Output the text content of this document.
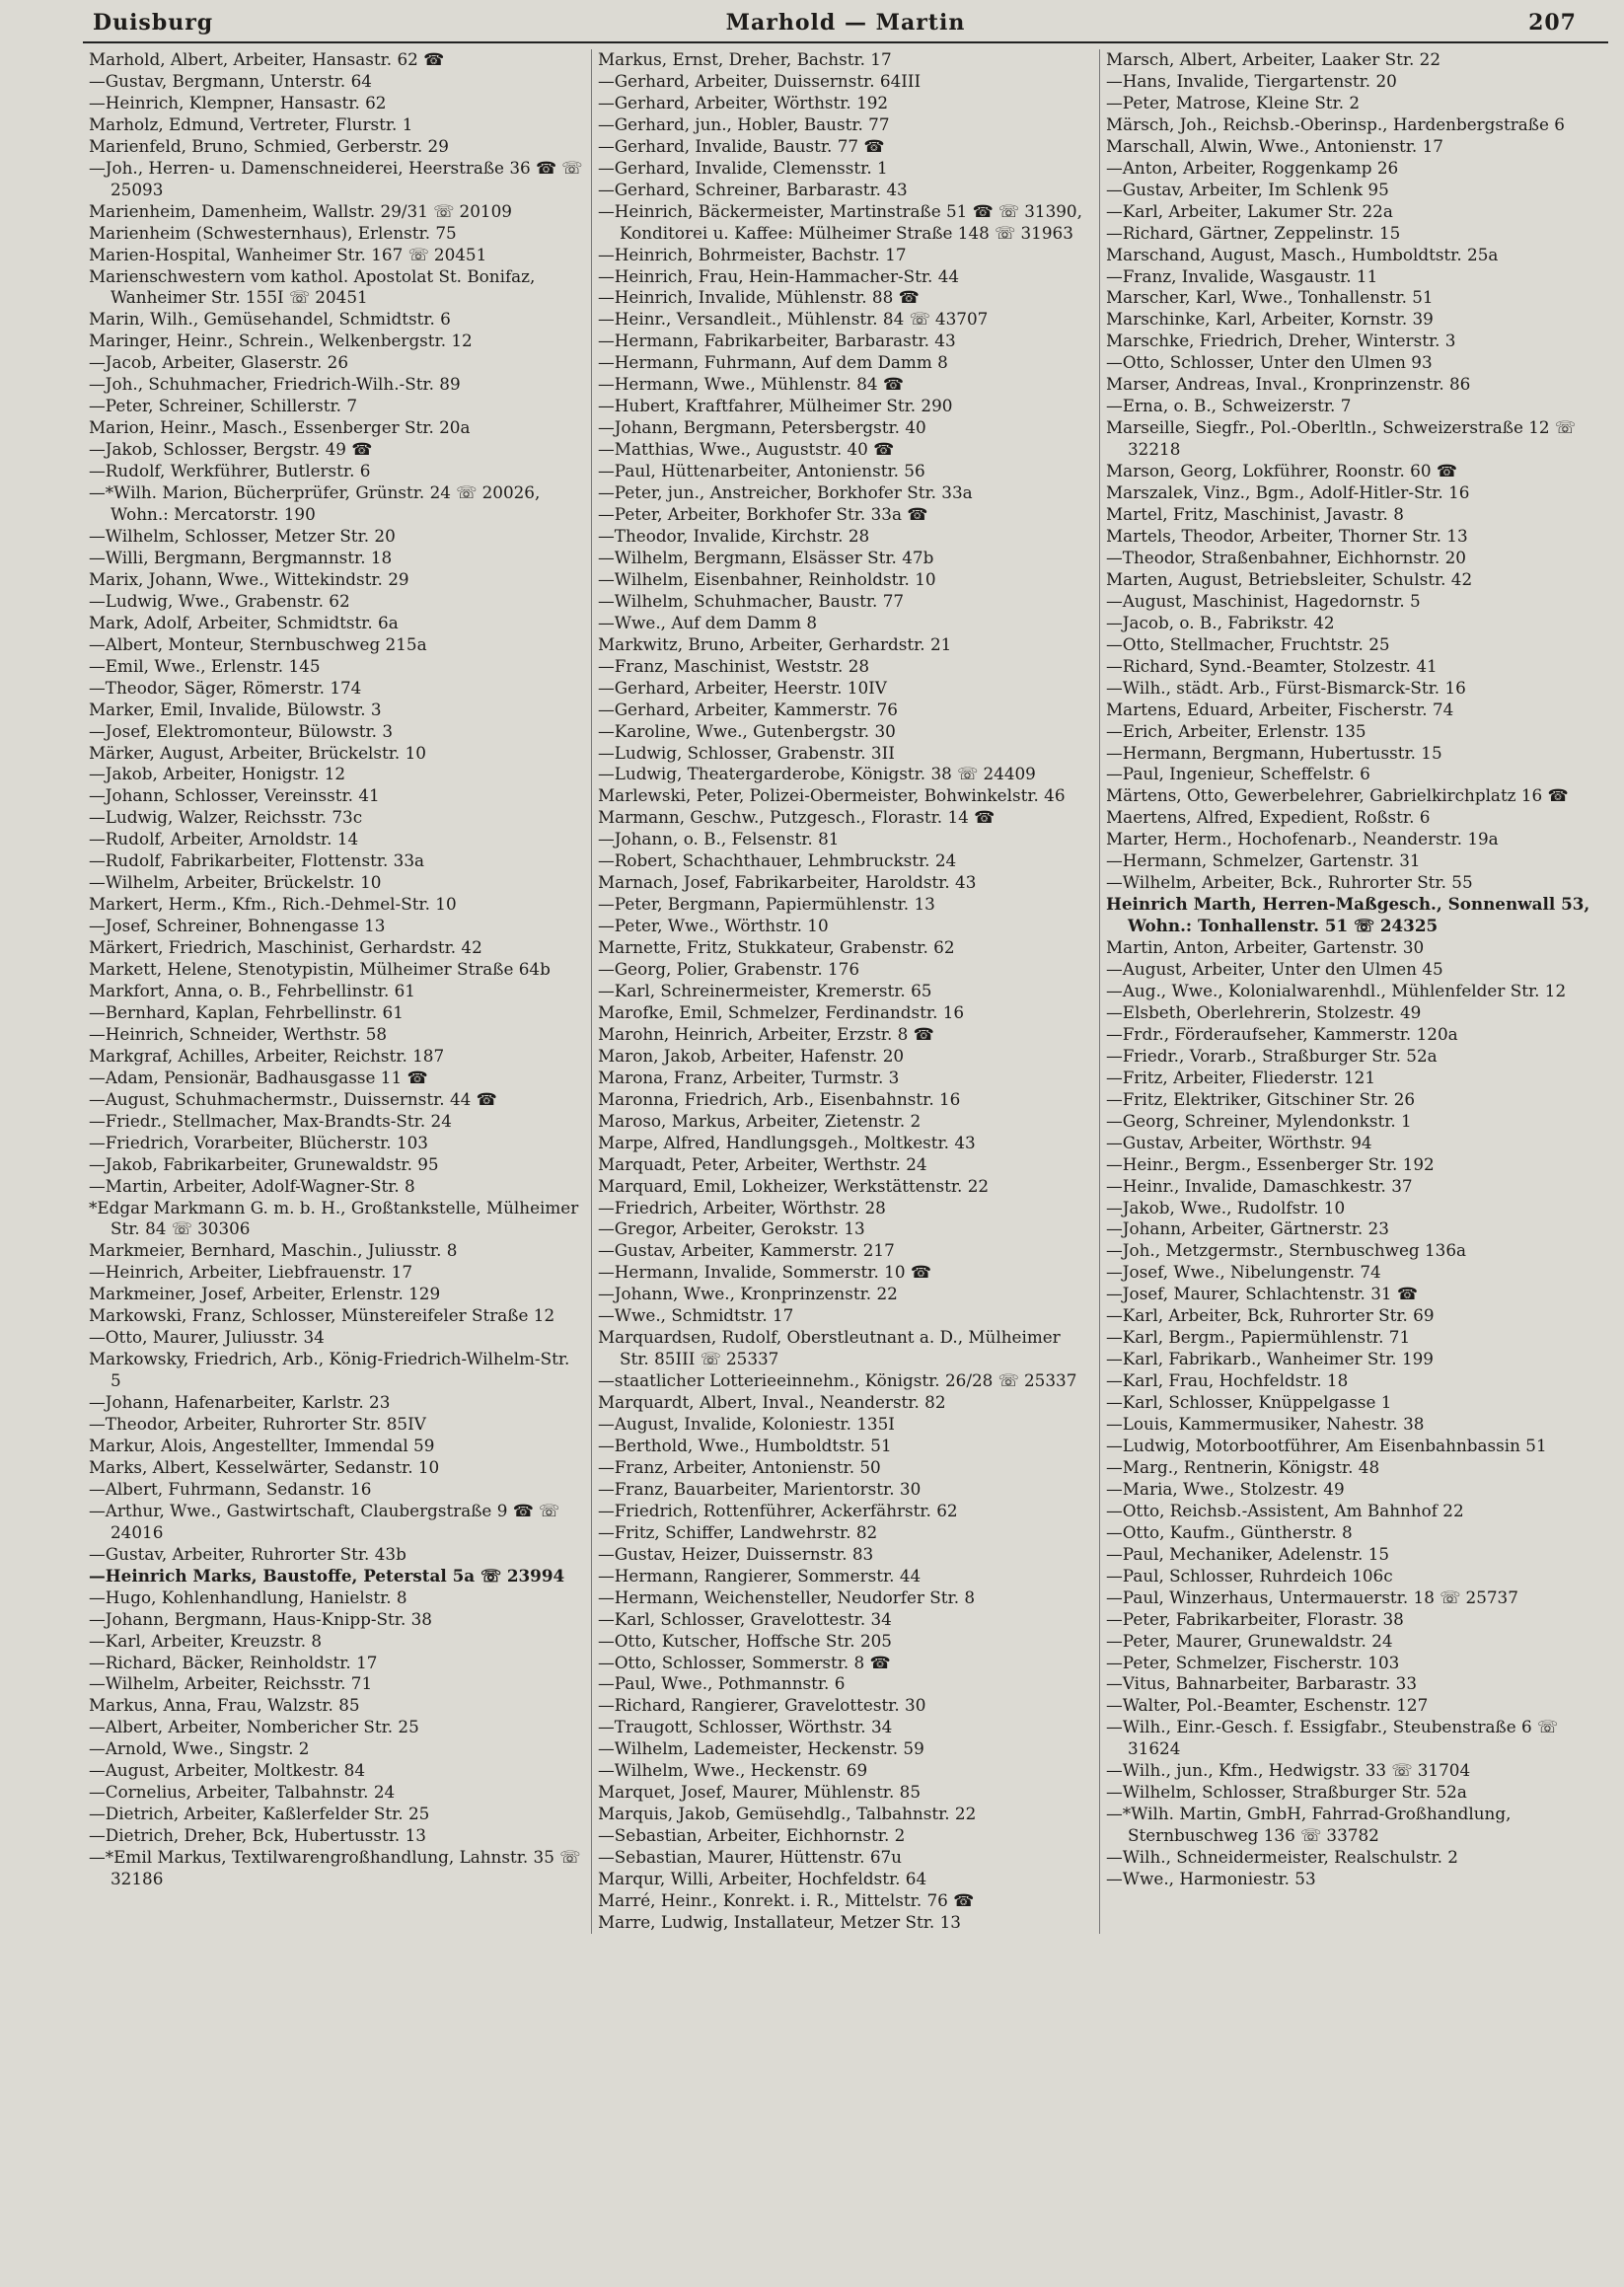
Duisburg	Marhold — Martin	207

Marhold, Albert, Arbeiter, Hansastr. 62 ☎

—Gustav, Bergmann, Unterstr. 64

—Heinrich, Klempner, Hansastr. 62

Marholz, Edmund, Vertreter, Flurstr. 1

Marienfeld, Bruno, Schmied, Gerberstr. 29

—Joh., Herren- u. Damenschneiderei, Heerstraße 36 ☎ ☏ 25093

Marienheim, Damenheim, Wallstr. 29/31 ☏ 20109

Marienheim (Schwesternhaus), Erlenstr. 75

Marien-Hospital, Wanheimer Str. 167 ☏ 20451

Marienschwestern vom kathol. Apostolat St. Bonifaz, Wanheimer Str. 155I ☏ 20451

Marin, Wilh., Gemüsehandel, Schmidtstr. 6

Maringer, Heinr., Schrein., Welkenbergstr. 12

—Jacob, Arbeiter, Glaserstr. 26

—Joh., Schuhmacher, Friedrich-Wilh.-Str. 89

—Peter, Schreiner, Schillerstr. 7

Marion, Heinr., Masch., Essenberger Str. 20a

—Jakob, Schlosser, Bergstr. 49 ☎

—Rudolf, Werkführer, Butlerstr. 6

—*Wilh. Marion, Bücherprüfer, Grünstr. 24 ☏ 20026, Wohn.: Mercatorstr. 190

—Wilhelm, Schlosser, Metzer Str. 20

—Willi, Bergmann, Bergmannstr. 18

Marix, Johann, Wwe., Wittekindstr. 29

—Ludwig, Wwe., Grabenstr. 62

Mark, Adolf, Arbeiter, Schmidtstr. 6a

—Albert, Monteur, Sternbuschweg 215a

—Emil, Wwe., Erlenstr. 145

—Theodor, Säger, Römerstr. 174

Marker, Emil, Invalide, Bülowstr. 3

—Josef, Elektromonteur, Bülowstr. 3

Märker, August, Arbeiter, Brückelstr. 10

—Jakob, Arbeiter, Honigstr. 12

—Johann, Schlosser, Vereinsstr. 41

—Ludwig, Walzer, Reichsstr. 73c

—Rudolf, Arbeiter, Arnoldstr. 14

—Rudolf, Fabrikarbeiter, Flottenstr. 33a

—Wilhelm, Arbeiter, Brückelstr. 10

Markert, Herm., Kfm., Rich.-Dehmel-Str. 10

—Josef, Schreiner, Bohnengasse 13

Märkert, Friedrich, Maschinist, Gerhardstr. 42

Markett, Helene, Stenotypistin, Mülheimer Straße 64b

Markfort, Anna, o. B., Fehrbellinstr. 61

—Bernhard, Kaplan, Fehrbellinstr. 61

—Heinrich, Schneider, Werthstr. 58

Markgraf, Achilles, Arbeiter, Reichstr. 187

—Adam, Pensionär, Badhausgasse 11 ☎

—August, Schuhmachermstr., Duissernstr. 44 ☎

—Friedr., Stellmacher, Max-Brandts-Str. 24

—Friedrich, Vorarbeiter, Blücherstr. 103

—Jakob, Fabrikarbeiter, Grunewaldstr. 95

—Martin, Arbeiter, Adolf-Wagner-Str. 8

*Edgar Markmann G. m. b. H., Großtankstelle, Mülheimer Str. 84 ☏ 30306

Markmeier, Bernhard, Maschin., Juliusstr. 8

—Heinrich, Arbeiter, Liebfrauenstr. 17

Markmeiner, Josef, Arbeiter, Erlenstr. 129

Markowski, Franz, Schlosser, Münstereifeler Straße 12

—Otto, Maurer, Juliusstr. 34

Markowsky, Friedrich, Arb., König-Friedrich-Wilhelm-Str. 5

—Johann, Hafenarbeiter, Karlstr. 23

—Theodor, Arbeiter, Ruhrorter Str. 85IV

Markur, Alois, Angestellter, Immendal 59

Marks, Albert, Kesselwärter, Sedanstr. 10

—Albert, Fuhrmann, Sedanstr. 16

—Arthur, Wwe., Gastwirtschaft, Claubergstraße 9 ☎ ☏ 24016

—Gustav, Arbeiter, Ruhrorter Str. 43b

—Heinrich Marks, Baustoffe, Peterstal 5a ☏ 23994

—Hugo, Kohlenhandlung, Hanielstr. 8

—Johann, Bergmann, Haus-Knipp-Str. 38

—Karl, Arbeiter, Kreuzstr. 8

—Richard, Bäcker, Reinholdstr. 17

—Wilhelm, Arbeiter, Reichsstr. 71

Markus, Anna, Frau, Walzstr. 85

—Albert, Arbeiter, Nombericher Str. 25

—Arnold, Wwe., Singstr. 2

—August, Arbeiter, Moltkestr. 84

—Cornelius, Arbeiter, Talbahnstr. 24

—Dietrich, Arbeiter, Kaßlerfelder Str. 25

—Dietrich, Dreher, Bck, Hubertusstr. 13

—*Emil Markus, Textilwarengroßhandlung, Lahnstr. 35 ☏ 32186

Markus, Ernst, Dreher, Bachstr. 17

—Gerhard, Arbeiter, Duissernstr. 64III

—Gerhard, Arbeiter, Wörthstr. 192

—Gerhard, jun., Hobler, Baustr. 77

—Gerhard, Invalide, Baustr. 77 ☎

—Gerhard, Invalide, Clemensstr. 1

—Gerhard, Schreiner, Barbarastr. 43

—Heinrich, Bäckermeister, Martinstraße 51 ☎ ☏ 31390, Konditorei u. Kaffee: Mülheimer Straße 148 ☏ 31963

—Heinrich, Bohrmeister, Bachstr. 17

—Heinrich, Frau, Hein-Hammacher-Str. 44

—Heinrich, Invalide, Mühlenstr. 88 ☎

—Heinr., Versandleit., Mühlenstr. 84 ☏ 43707

—Hermann, Fabrikarbeiter, Barbarastr. 43

—Hermann, Fuhrmann, Auf dem Damm 8

—Hermann, Wwe., Mühlenstr. 84 ☎

—Hubert, Kraftfahrer, Mülheimer Str. 290

—Johann, Bergmann, Petersbergstr. 40

—Matthias, Wwe., Auguststr. 40 ☎

—Paul, Hüttenarbeiter, Antonienstr. 56

—Peter, jun., Anstreicher, Borkhofer Str. 33a

—Peter, Arbeiter, Borkhofer Str. 33a ☎

—Theodor, Invalide, Kirchstr. 28

—Wilhelm, Bergmann, Elsässer Str. 47b

—Wilhelm, Eisenbahner, Reinholdstr. 10

—Wilhelm, Schuhmacher, Baustr. 77

—Wwe., Auf dem Damm 8

Markwitz, Bruno, Arbeiter, Gerhardstr. 21

—Franz, Maschinist, Weststr. 28

—Gerhard, Arbeiter, Heerstr. 10IV

—Gerhard, Arbeiter, Kammerstr. 76

—Karoline, Wwe., Gutenbergstr. 30

—Ludwig, Schlosser, Grabenstr. 3II

—Ludwig, Theatergarderobe, Königstr. 38 ☏ 24409

Marlewski, Peter, Polizei-Obermeister, Bohwinkelstr. 46

Marmann, Geschw., Putzgesch., Florastr. 14 ☎

—Johann, o. B., Felsenstr. 81

—Robert, Schachthauer, Lehmbruckstr. 24

Marnach, Josef, Fabrikarbeiter, Haroldstr. 43

—Peter, Bergmann, Papiermühlenstr. 13

—Peter, Wwe., Wörthstr. 10

Marnette, Fritz, Stukkateur, Grabenstr. 62

—Georg, Polier, Grabenstr. 176

—Karl, Schreinermeister, Kremerstr. 65

Marofke, Emil, Schmelzer, Ferdinandstr. 16

Marohn, Heinrich, Arbeiter, Erzstr. 8 ☎

Maron, Jakob, Arbeiter, Hafenstr. 20

Marona, Franz, Arbeiter, Turmstr. 3

Maronna, Friedrich, Arb., Eisenbahnstr. 16

Maroso, Markus, Arbeiter, Zietenstr. 2

Marpe, Alfred, Handlungsgeh., Moltkestr. 43

Marquadt, Peter, Arbeiter, Werthstr. 24

Marquard, Emil, Lokheizer, Werkstättenstr. 22

—Friedrich, Arbeiter, Wörthstr. 28

—Gregor, Arbeiter, Gerokstr. 13

—Gustav, Arbeiter, Kammerstr. 217

—Hermann, Invalide, Sommerstr. 10 ☎

—Johann, Wwe., Kronprinzenstr. 22

—Wwe., Schmidtstr. 17

Marquardsen, Rudolf, Oberstleutnant a. D., Mülheimer Str. 85III ☏ 25337

—staatlicher Lotterieeinnehm., Königstr. 26/28 ☏ 25337

Marquardt, Albert, Inval., Neanderstr. 82

—August, Invalide, Koloniestr. 135I

—Berthold, Wwe., Humboldtstr. 51

—Franz, Arbeiter, Antonienstr. 50

—Franz, Bauarbeiter, Marientorstr. 30

—Friedrich, Rottenführer, Ackerfährstr. 62

—Fritz, Schiffer, Landwehrstr. 82

—Gustav, Heizer, Duissernstr. 83

—Hermann, Rangierer, Sommerstr. 44

—Hermann, Weichensteller, Neudorfer Str. 8

—Karl, Schlosser, Gravelottestr. 34

—Otto, Kutscher, Hoffsche Str. 205

—Otto, Schlosser, Sommerstr. 8 ☎

—Paul, Wwe., Pothmannstr. 6

—Richard, Rangierer, Gravelottestr. 30

—Traugott, Schlosser, Wörthstr. 34

—Wilhelm, Lademeister, Heckenstr. 59

—Wilhelm, Wwe., Heckenstr. 69

Marquet, Josef, Maurer, Mühlenstr. 85

Marquis, Jakob, Gemüsehdlg., Talbahnstr. 22

—Sebastian, Arbeiter, Eichhornstr. 2

—Sebastian, Maurer, Hüttenstr. 67u

Marqur, Willi, Arbeiter, Hochfeldstr. 64

Marré, Heinr., Konrekt. i. R., Mittelstr. 76 ☎

Marre, Ludwig, Installateur, Metzer Str. 13

Marsch, Albert, Arbeiter, Laaker Str. 22

—Hans, Invalide, Tiergartenstr. 20

—Peter, Matrose, Kleine Str. 2

Märsch, Joh., Reichsb.-Oberinsp., Hardenbergstraße 6

Marschall, Alwin, Wwe., Antonienstr. 17

—Anton, Arbeiter, Roggenkamp 26

—Gustav, Arbeiter, Im Schlenk 95

—Karl, Arbeiter, Lakumer Str. 22a

—Richard, Gärtner, Zeppelinstr. 15

Marschand, August, Masch., Humboldtstr. 25a

—Franz, Invalide, Wasgaustr. 11

Marscher, Karl, Wwe., Tonhallenstr. 51

Marschinke, Karl, Arbeiter, Kornstr. 39

Marschke, Friedrich, Dreher, Winterstr. 3

—Otto, Schlosser, Unter den Ulmen 93

Marser, Andreas, Inval., Kronprinzenstr. 86

—Erna, o. B., Schweizerstr. 7

Marseille, Siegfr., Pol.-Oberltln., Schweizerstraße 12 ☏ 32218

Marson, Georg, Lokführer, Roonstr. 60 ☎

Marszalek, Vinz., Bgm., Adolf-Hitler-Str. 16

Martel, Fritz, Maschinist, Javastr. 8

Martels, Theodor, Arbeiter, Thorner Str. 13

—Theodor, Straßenbahner, Eichhornstr. 20

Marten, August, Betriebsleiter, Schulstr. 42

—August, Maschinist, Hagedornstr. 5

—Jacob, o. B., Fabrikstr. 42

—Otto, Stellmacher, Fruchtstr. 25

—Richard, Synd.-Beamter, Stolzestr. 41

—Wilh., städt. Arb., Fürst-Bismarck-Str. 16

Martens, Eduard, Arbeiter, Fischerstr. 74

—Erich, Arbeiter, Erlenstr. 135

—Hermann, Bergmann, Hubertusstr. 15

—Paul, Ingenieur, Scheffelstr. 6

Märtens, Otto, Gewerbelehrer, Gabrielkirchplatz 16 ☎

Maertens, Alfred, Expedient, Roßstr. 6

Marter, Herm., Hochofenarb., Neanderstr. 19a

—Hermann, Schmelzer, Gartenstr. 31

—Wilhelm, Arbeiter, Bck., Ruhrorter Str. 55

Heinrich Marth, Herren-Maßgesch., Sonnenwall 53, Wohn.: Tonhallenstr. 51 ☏ 24325

Martin, Anton, Arbeiter, Gartenstr. 30

—August, Arbeiter, Unter den Ulmen 45

—Aug., Wwe., Kolonialwarenhdl., Mühlenfelder Str. 12

—Elsbeth, Oberlehrerin, Stolzestr. 49

—Frdr., Förderaufseher, Kammerstr. 120a

—Friedr., Vorarb., Straßburger Str. 52a

—Fritz, Arbeiter, Fliederstr. 121

—Fritz, Elektriker, Gitschiner Str. 26

—Georg, Schreiner, Mylendonkstr. 1

—Gustav, Arbeiter, Wörthstr. 94

—Heinr., Bergm., Essenberger Str. 192

—Heinr., Invalide, Damaschkestr. 37

—Jakob, Wwe., Rudolfstr. 10

—Johann, Arbeiter, Gärtnerstr. 23

—Joh., Metzgermstr., Sternbuschweg 136a

—Josef, Wwe., Nibelungenstr. 74

—Josef, Maurer, Schlachtenstr. 31 ☎

—Karl, Arbeiter, Bck, Ruhrorter Str. 69

—Karl, Bergm., Papiermühlenstr. 71

—Karl, Fabrikarb., Wanheimer Str. 199

—Karl, Frau, Hochfeldstr. 18

—Karl, Schlosser, Knüppelgasse 1

—Louis, Kammermusiker, Nahestr. 38

—Ludwig, Motorbootführer, Am Eisenbahnbassin 51

—Marg., Rentnerin, Königstr. 48

—Maria, Wwe., Stolzestr. 49

—Otto, Reichsb.-Assistent, Am Bahnhof 22

—Otto, Kaufm., Güntherstr. 8

—Paul, Mechaniker, Adelenstr. 15

—Paul, Schlosser, Ruhrdeich 106c

—Paul, Winzerhaus, Untermauerstr. 18 ☏ 25737

—Peter, Fabrikarbeiter, Florastr. 38

—Peter, Maurer, Grunewaldstr. 24

—Peter, Schmelzer, Fischerstr. 103

—Vitus, Bahnarbeiter, Barbarastr. 33

—Walter, Pol.-Beamter, Eschenstr. 127

—Wilh., Einr.-Gesch. f. Essigfabr., Steubenstraße 6 ☏ 31624

—Wilh., jun., Kfm., Hedwigstr. 33 ☏ 31704

—Wilhelm, Schlosser, Straßburger Str. 52a

—*Wilh. Martin, GmbH, Fahrrad-Großhandlung, Sternbuschweg 136 ☏ 33782

—Wilh., Schneidermeister, Realschulstr. 2

—Wwe., Harmoniestr. 53
